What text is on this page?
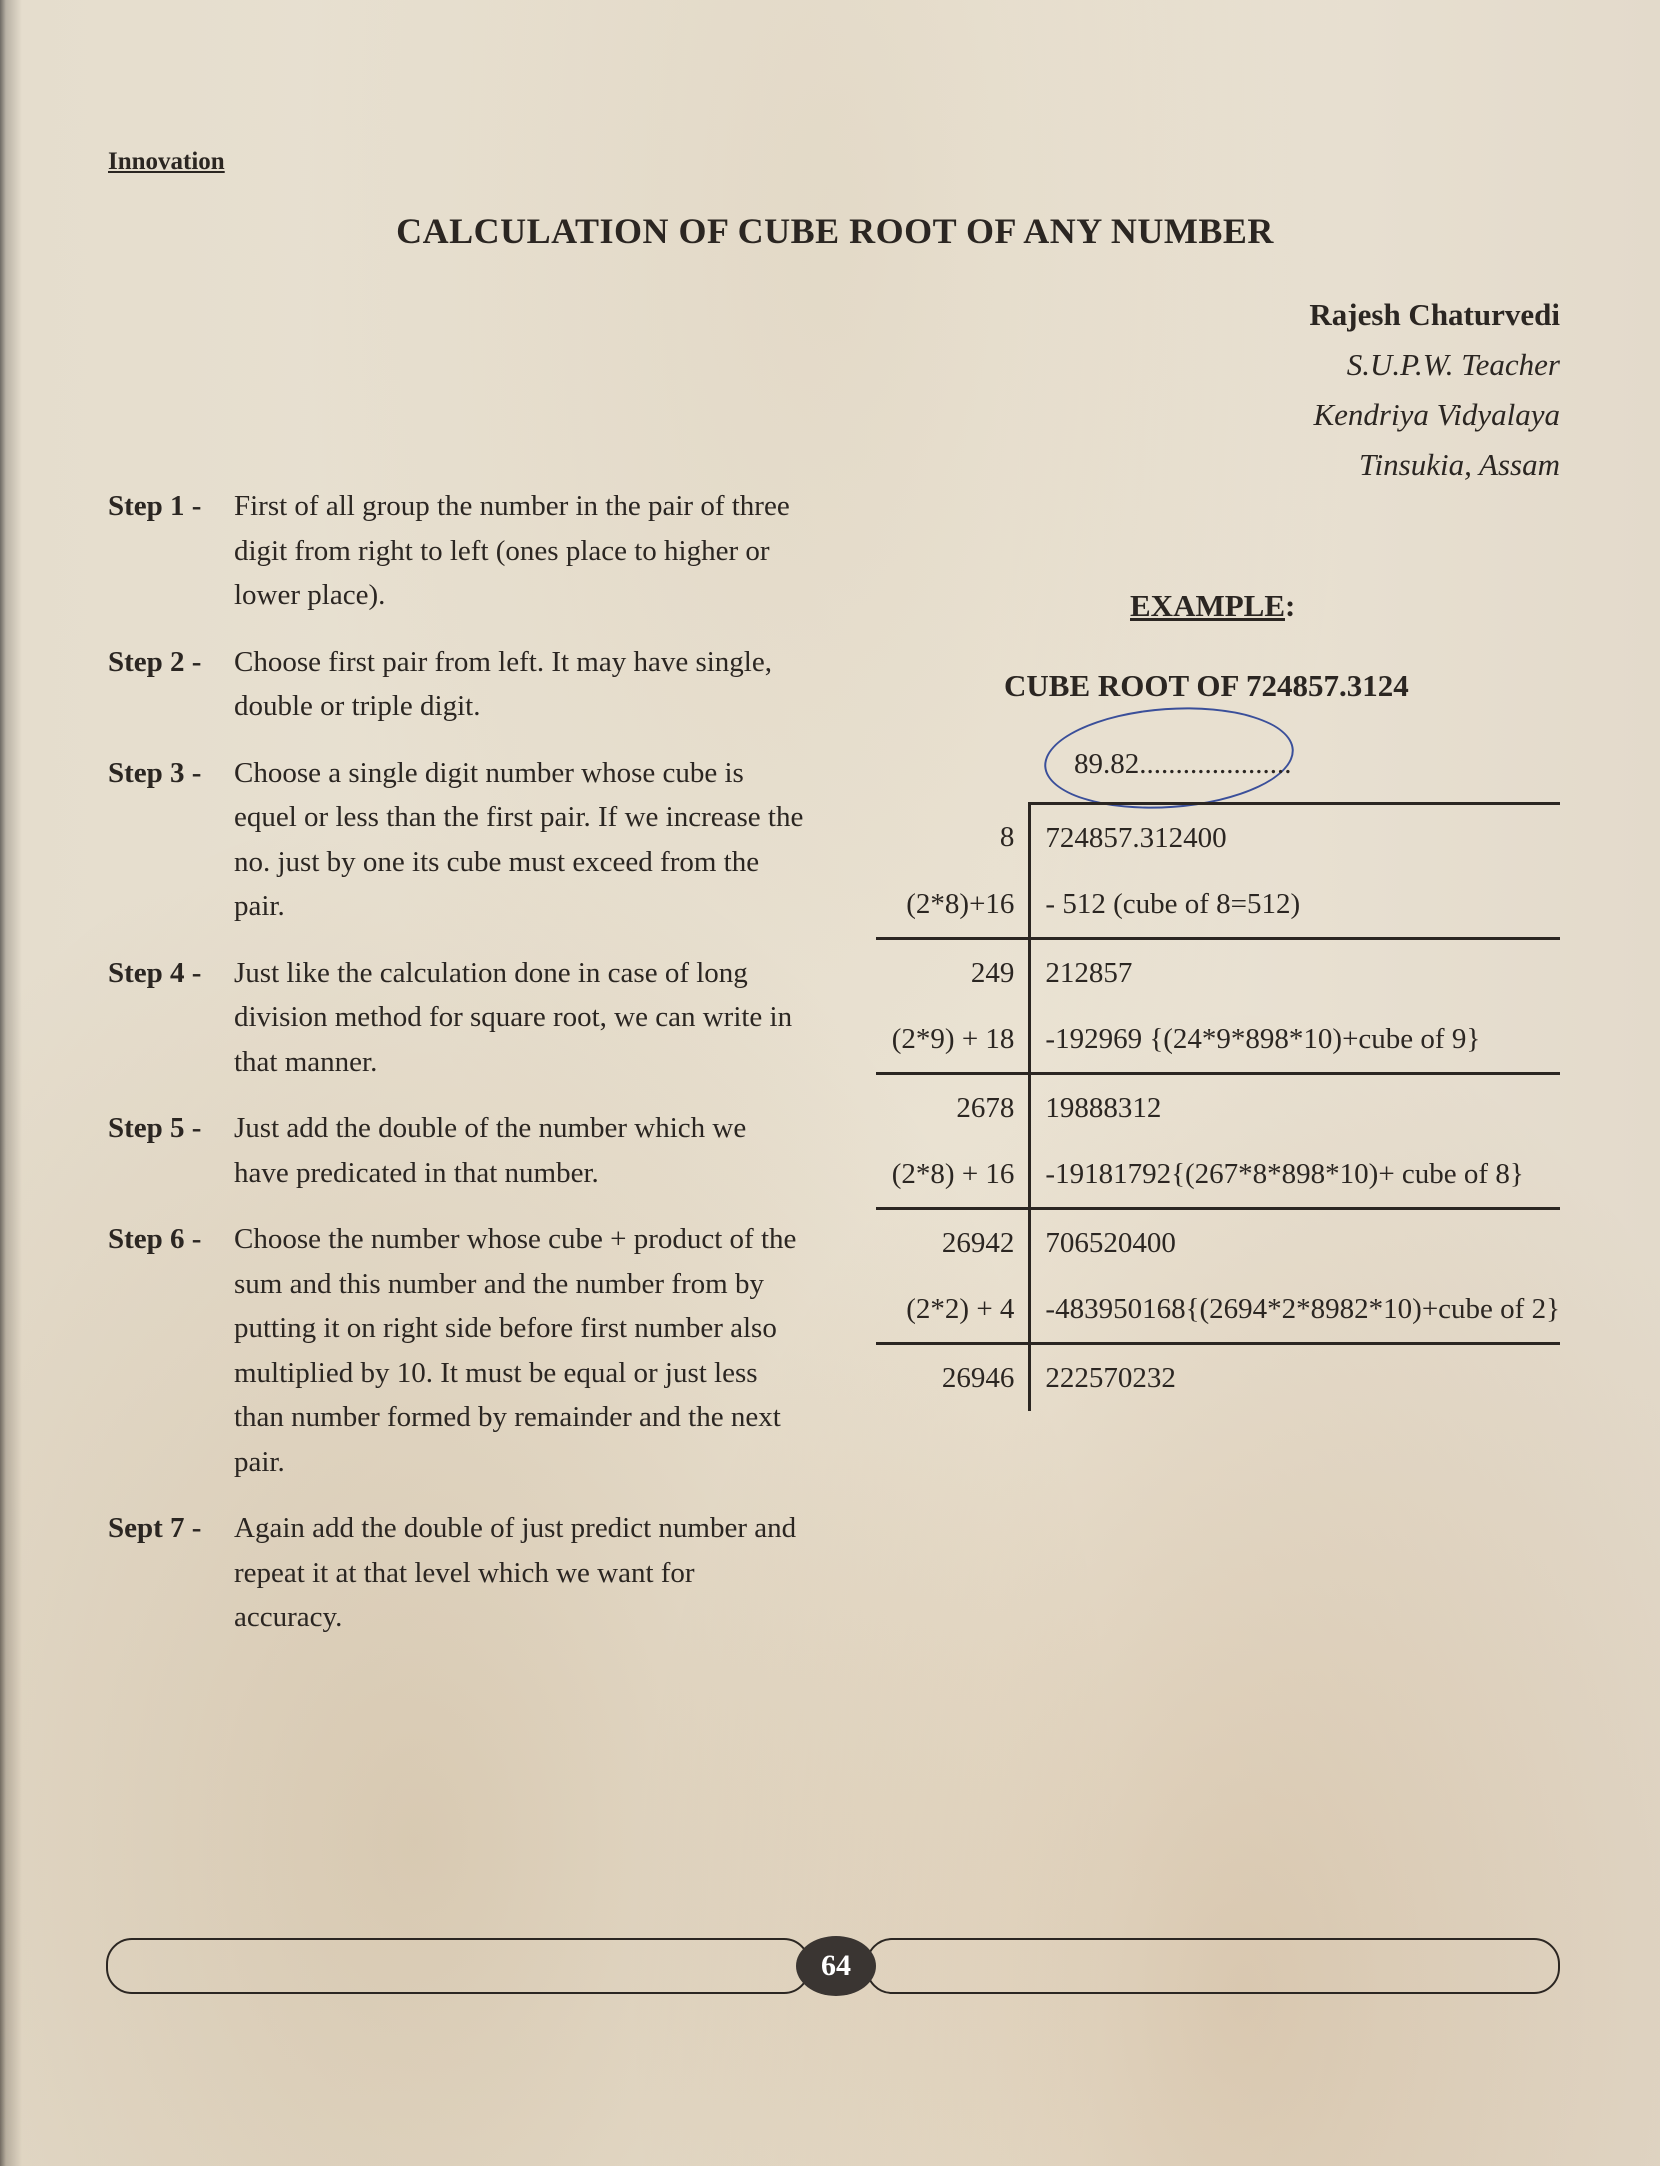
Innovation
CALCULATION OF CUBE ROOT OF ANY NUMBER
Rajesh Chaturvedi
S.U.P.W. Teacher
Kendriya Vidyalaya
Tinsukia, Assam
Step 1 -	First of all group the number in the pair of three digit from right to left (ones place to higher or lower place).
Step 2 -	Choose first pair from left. It may have single, double or triple digit.
Step 3 -	Choose a single digit number whose cube is equel or less than the first pair. If we increase the no. just by one its cube must exceed from the pair.
Step 4 -	Just like the calculation done in case of long division method for square root, we can write in that manner.
Step 5 -	Just add the double of the number which we have predicated in that number.
Step 6 -	Choose the number whose cube + product of the sum and this number and the number from by putting it on right side before first number also multiplied by 10. It must be equal or just less than number formed by remainder and the next pair.
Sept 7 -	Again add the double of just predict number and repeat it at that level which we want for accuracy.
EXAMPLE:
CUBE ROOT OF 724857.3124
89.82.....................
8	724857.312400
(2*8)+16	- 512 (cube of 8=512)
249	212857
(2*9) + 18	-192969 {(24*9*898*10)+cube of 9}
2678	19888312
(2*8) + 16	-19181792{(267*8*898*10)+ cube of 8}
26942	706520400
(2*2) + 4	-483950168{(2694*2*8982*10)+cube of 2}
26946	222570232
64
